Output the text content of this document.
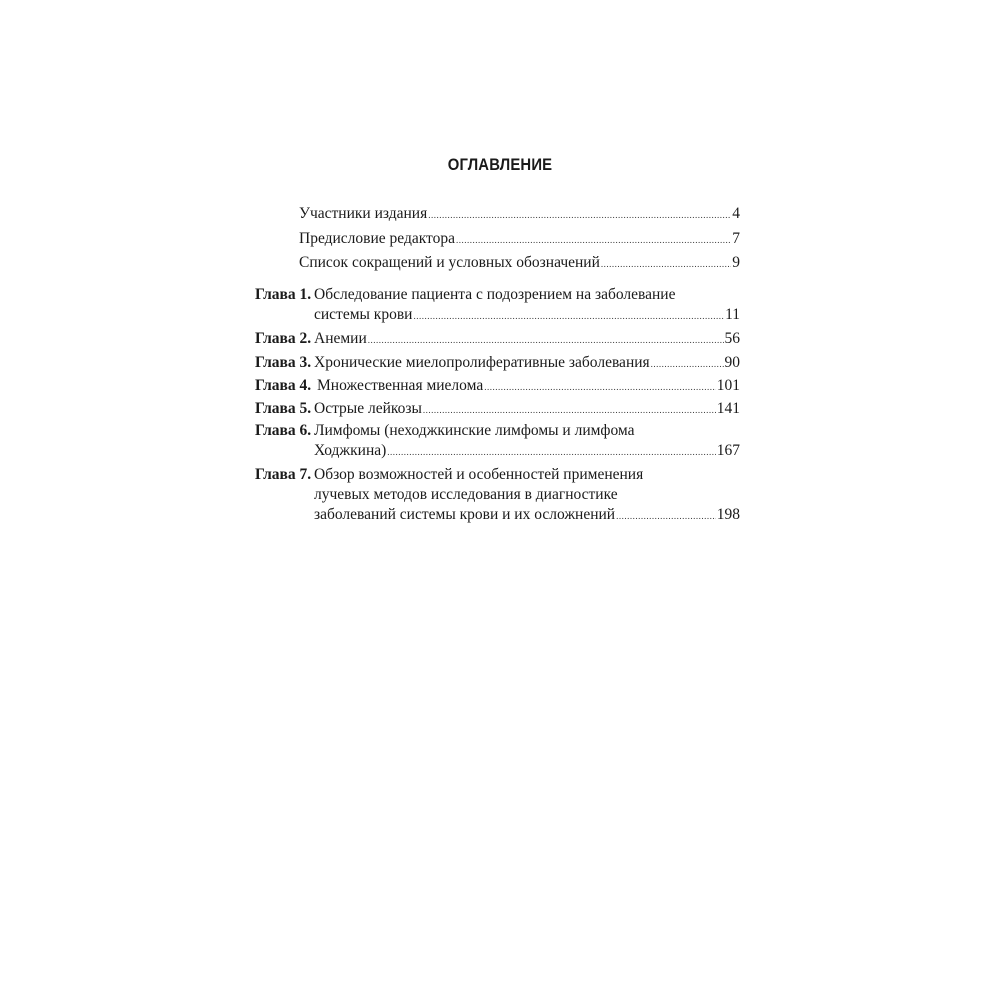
ОГЛАВЛЕНИЕ
Участники издания .....	4
Предисловие редактора .....	7
Список сокращений и условных обозначений .....	9
Глава 1. Обследование пациента с подозрением на заболевание
системы крови .....	11
Глава 2. Анемии .....	56
Глава 3. Хронические миелопролиферативные заболевания .....	90
Глава 4. Множественная миелома .....	101
Глава 5. Острые лейкозы .....	141
Глава 6. Лимфомы (неходжкинские лимфомы и лимфома
Ходжкина) .....	167
Глава 7. Обзор возможностей и особенностей применения
лучевых методов исследования в диагностике
заболеваний системы крови и их осложнений .....	198
